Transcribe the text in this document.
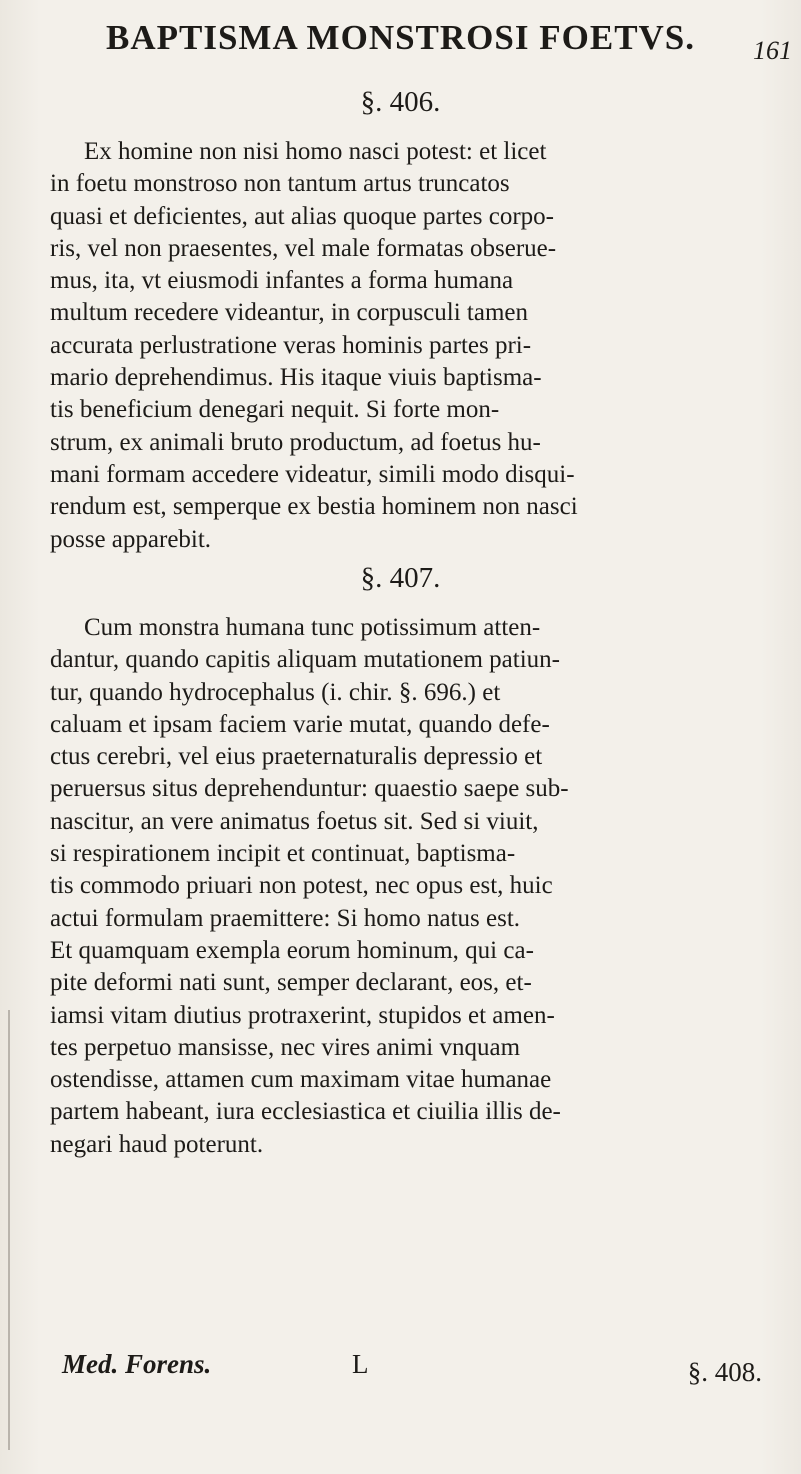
BAPTISMA MONSTROSI FOETVS. 161
§. 406.
Ex homine non nisi homo nasci potest: et licet
in foetu monstroso non tantum artus truncatos
quasi et deficientes, aut alias quoque partes corpo-
ris, vel non praesentes, vel male formatas obserue-
mus, ita, vt eiusmodi infantes a forma humana
multum recedere videantur, in corpusculi tamen
accurata perlustratione veras hominis partes pri-
mario deprehendimus. His itaque viuis baptisma-
tis beneficium denegari nequit. Si forte mon-
strum, ex animali bruto productum, ad foetus hu-
mani formam accedere videatur, simili modo disqui-
rendum est, semperque ex bestia hominem non nasci
posse apparebit.
§. 407.
Cum monstra humana tunc potissimum atten-
dantur, quando capitis aliquam mutationem patiun-
tur, quando hydrocephalus (i. chir. §. 696.) et
caluam et ipsam faciem varie mutat, quando defe-
ctus cerebri, vel eius praeternaturalis depressio et
peruersus situs deprehenduntur: quaestio saepe sub-
nascitur, an vere animatus foetus sit. Sed si viuit,
si respirationem incipit et continuat, baptisma-
tis commodo priuari non potest, nec opus est, huic
actui formulam praemittere: Si homo natus est.
Et quamquam exempla eorum hominum, qui ca-
pite deformi nati sunt, semper declarant, eos, et-
iamsi vitam diutius protraxerint, stupidos et amen-
tes perpetuo mansisse, nec vires animi vnquam
ostendisse, attamen cum maximam vitae humanae
partem habeant, iura ecclesiastica et ciuilia illis de-
negari haud poterunt.
Med. Forens.	L	§. 408.
